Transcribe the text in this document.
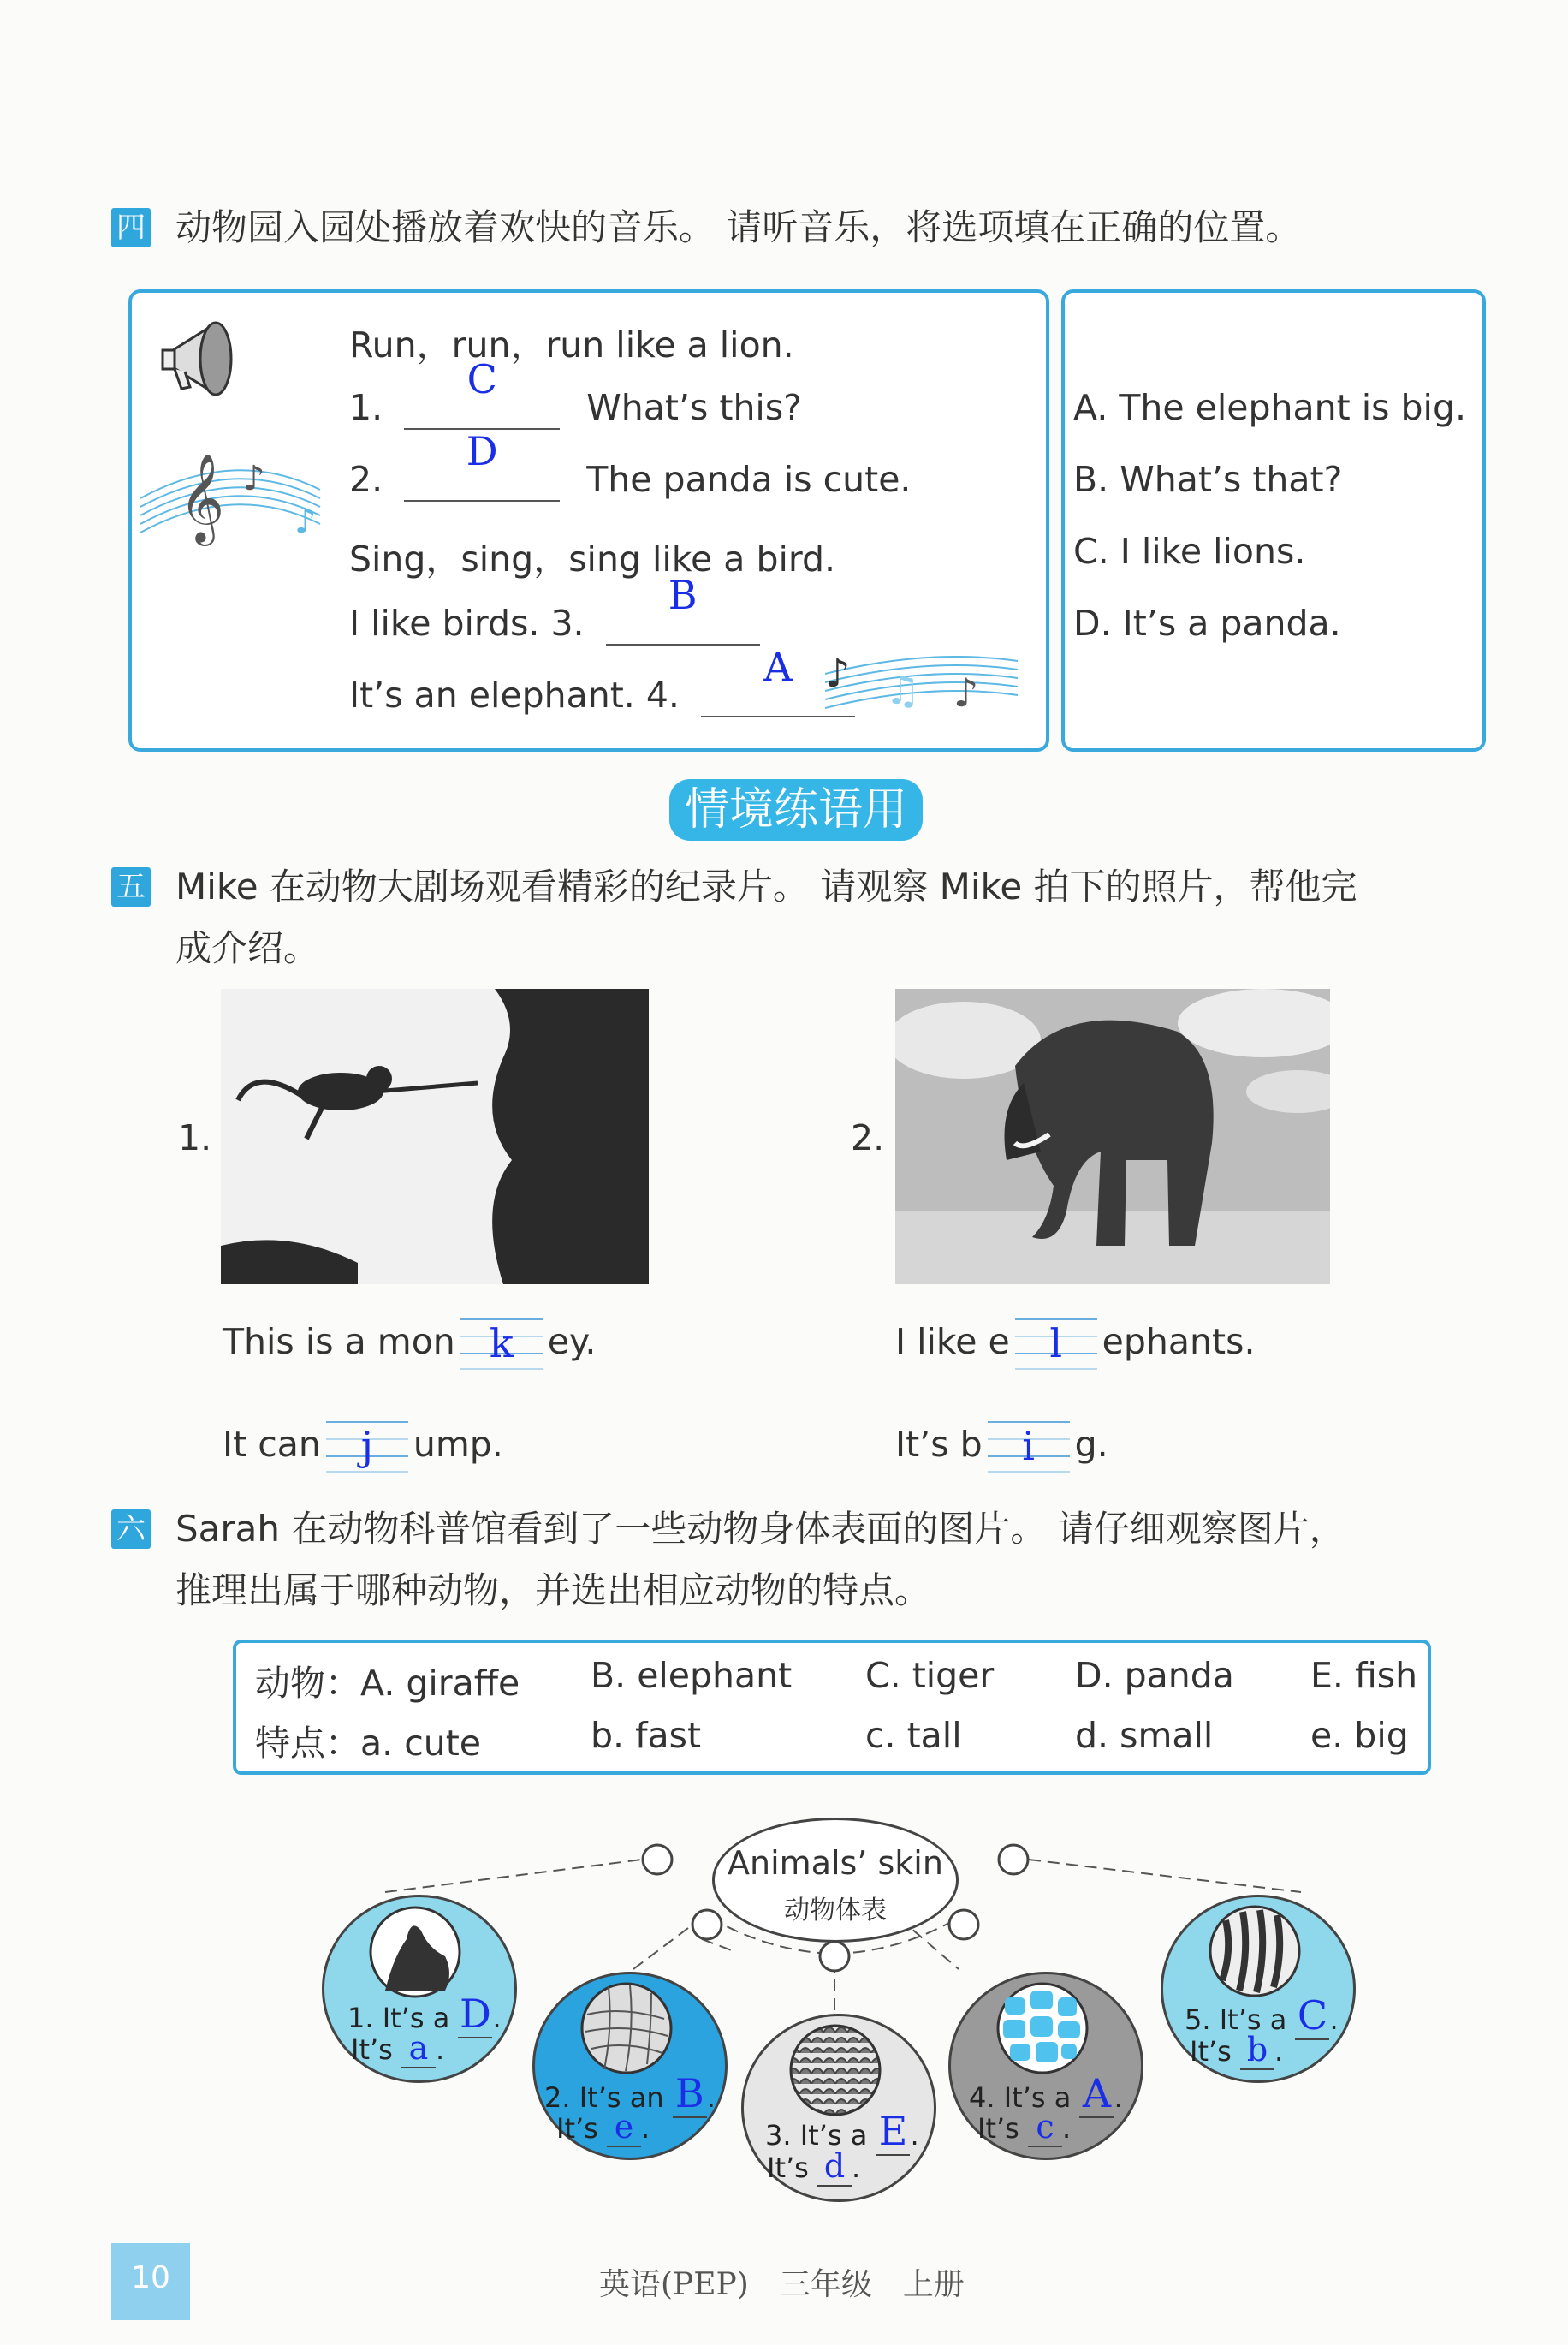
四 动物园入园处播放着欢快的音乐。 请听音乐，将选项填在正确的位置。
𝄞 ♪
♪
♪ ♫ ♪
Run，run，run like a lion.
1.
C
What’s this?
2.
D
The panda is cute.
Sing，sing，sing like a bird.
I like birds. 3.
B
It’s an elephant. 4.
A
A. The elephant is big.
B. What’s that?
C. I like lions.
D. It’s a panda.
情境练语用
五 Mike 在动物大剧场观看精彩的纪录片。 请观察 Mike 拍下的照片，帮他完
成介绍。
1.
This is a mon k ey.
It can	j	ump.
2.
I like e	l	ephants.
It’s b	i	g.
六 Sarah 在动物科普馆看到了一些动物身体表面的图片。 请仔细观察图片，
推理出属于哪种动物，并选出相应动物的特点。
动物：A. giraffe B. elephant C. tiger D. panda E. fish
特点：a. cute	b. fast	c. tall	d. small	e. big
Animals’ skin
动物体表
1. It’s a D.
It’s a .
2. It’s an B.
It’s e .	3. It’s a E .
It’s d .
4. It’s a A .
It’s c .
5. It’s a C.
It’s b .
10	英语(PEP)　三年级　上册
